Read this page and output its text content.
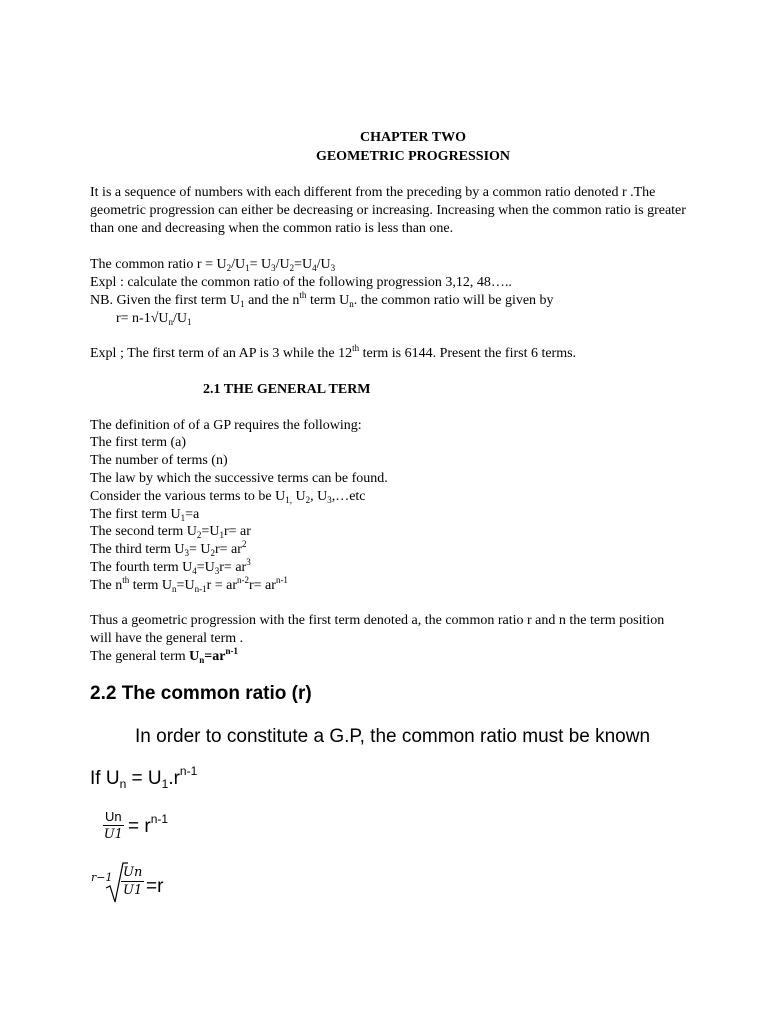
CHAPTER TWO
GEOMETRIC PROGRESSION
It is a sequence of numbers with each different from the preceding by a common ratio denoted r .The
geometric progression can either be decreasing or increasing. Increasing when the common ratio is greater
than one and decreasing when the common ratio is less than one.
The common ratio $r = U_2/U_1= U_3/U_2=U_4/U_3$
Expl : calculate the common ratio of the following progression 3,12, 48…..
NB. Given the first term $U_1$ and the $n^{th}$ term $U_n$. the common ratio will be given by
$r= n-1√U_n/U_1$
Expl ; The first term of an AP is 3 while the 12th term is 6144. Present the first 6 terms.
2.1 THE GENERAL TERM
The definition of of a GP requires the following:
The first term (a)
The number of terms (n)
The law by which the successive terms can be found.
Consider the various terms to be $U_{1,}$ $U_2$, $U_3,\dots etc$
The first term $U_1=a$
The second term $U_2=U_1r=$ ar
The third term $U_3= U_2r= ar^2$
The fourth term $U_4=U_3r= ar^3$
The $n^{th}$ term $U_n=U_{n-1}r = ar^{n-2}r= ar^{n-1}$
Thus a geometric progression with the first term denoted a, the common ratio r and n the term position
will have the general term .
The general term $U_n=ar^{n-1}$
2.2 The common ratio (r)
In order to constitute a G.P, the common ratio must be known
If $U_n = U_1.r^{n-1}$
Un
$U1 = r^{n-1}$
r−1 Un
U1 =r
